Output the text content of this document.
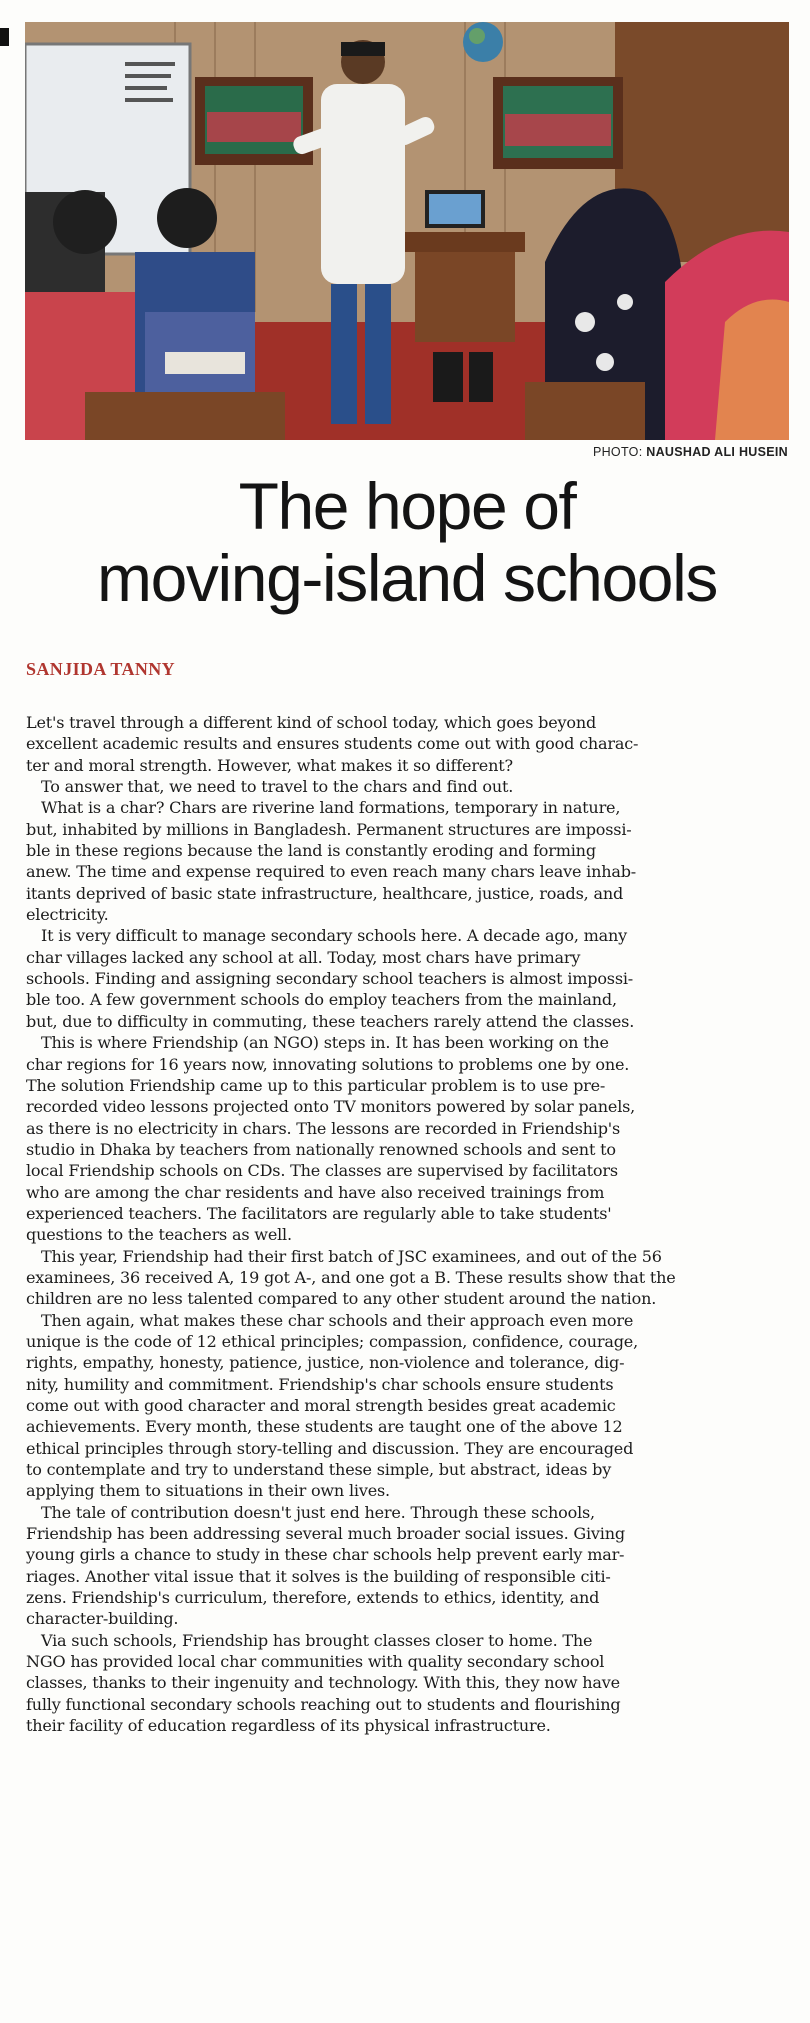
PHOTO: NAUSHAD ALI HUSEIN
The hope of
moving-island schools
SANJIDA TANNY
Let's travel through a different kind of school today, which goes beyond
excellent academic results and ensures students come out with good charac-
ter and moral strength. However, what makes it so different?
To answer that, we need to travel to the chars and find out.
What is a char? Chars are riverine land formations, temporary in nature,
but, inhabited by millions in Bangladesh. Permanent structures are impossi-
ble in these regions because the land is constantly eroding and forming
anew. The time and expense required to even reach many chars leave inhab-
itants deprived of basic state infrastructure, healthcare, justice, roads, and
electricity.
It is very difficult to manage secondary schools here. A decade ago, many
char villages lacked any school at all. Today, most chars have primary
schools. Finding and assigning secondary school teachers is almost impossi-
ble too. A few government schools do employ teachers from the mainland,
but, due to difficulty in commuting, these teachers rarely attend the classes.
This is where Friendship (an NGO) steps in. It has been working on the
char regions for 16 years now, innovating solutions to problems one by one.
The solution Friendship came up to this particular problem is to use pre-
recorded video lessons projected onto TV monitors powered by solar panels,
as there is no electricity in chars. The lessons are recorded in Friendship's
studio in Dhaka by teachers from nationally renowned schools and sent to
local Friendship schools on CDs. The classes are supervised by facilitators
who are among the char residents and have also received trainings from
experienced teachers. The facilitators are regularly able to take students'
questions to the teachers as well.
This year, Friendship had their first batch of JSC examinees, and out of the 56
examinees, 36 received A, 19 got A-, and one got a B. These results show that the
children are no less talented compared to any other student around the nation.
Then again, what makes these char schools and their approach even more
unique is the code of 12 ethical principles; compassion, confidence, courage,
rights, empathy, honesty, patience, justice, non-violence and tolerance, dig-
nity, humility and commitment. Friendship's char schools ensure students
come out with good character and moral strength besides great academic
achievements. Every month, these students are taught one of the above 12
ethical principles through story-telling and discussion. They are encouraged
to contemplate and try to understand these simple, but abstract, ideas by
applying them to situations in their own lives.
The tale of contribution doesn't just end here. Through these schools,
Friendship has been addressing several much broader social issues. Giving
young girls a chance to study in these char schools help prevent early mar-
riages. Another vital issue that it solves is the building of responsible citi-
zens. Friendship's curriculum, therefore, extends to ethics, identity, and
character-building.
Via such schools, Friendship has brought classes closer to home. The
NGO has provided local char communities with quality secondary school
classes, thanks to their ingenuity and technology. With this, they now have
fully functional secondary schools reaching out to students and flourishing
their facility of education regardless of its physical infrastructure.
